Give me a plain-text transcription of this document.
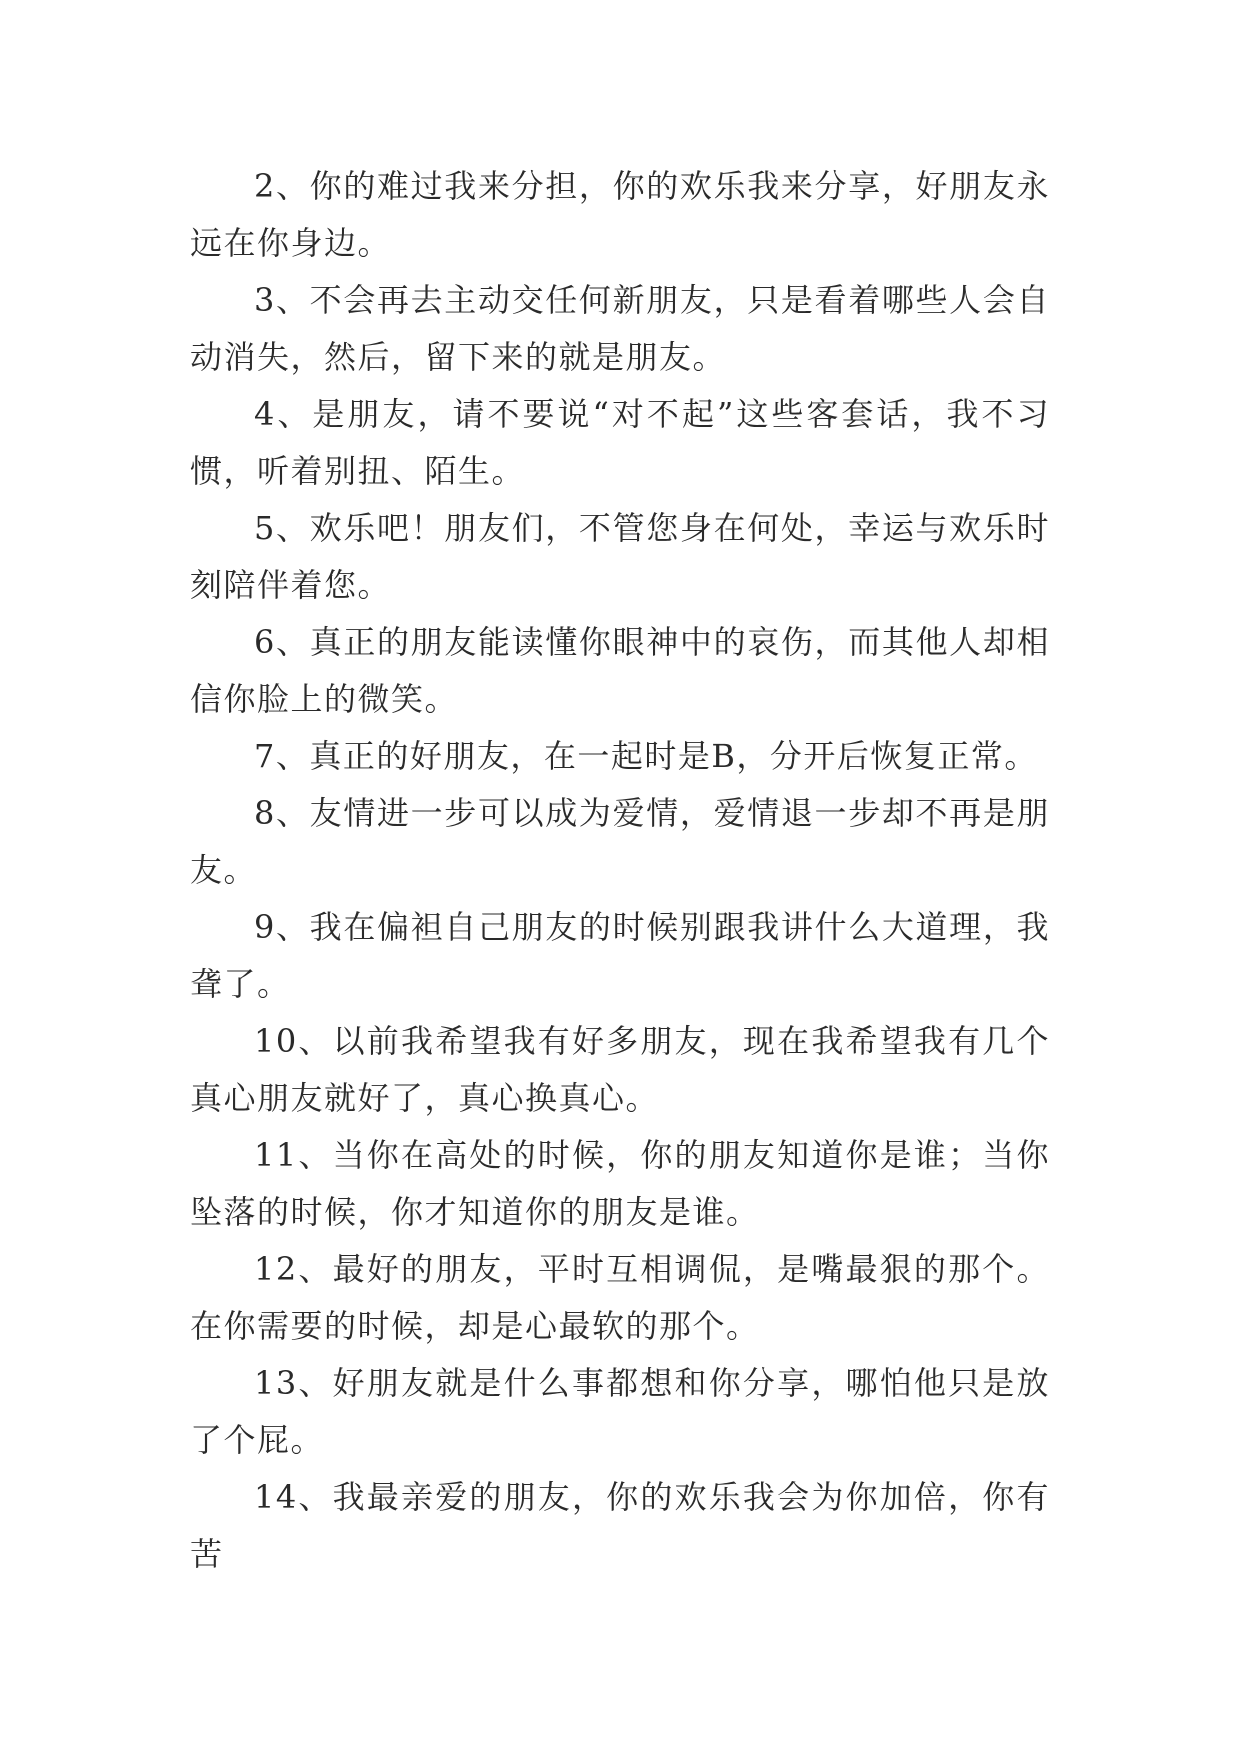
2、你的难过我来分担，你的欢乐我来分享，好朋友永远在你身边。

3、不会再去主动交任何新朋友，只是看着哪些人会自动消失，然后，留下来的就是朋友。

4、是朋友，请不要说“对不起”这些客套话，我不习惯，听着别扭、陌生。

5、欢乐吧！朋友们，不管您身在何处，幸运与欢乐时刻陪伴着您。

6、真正的朋友能读懂你眼神中的哀伤，而其他人却相信你脸上的微笑。

7、真正的好朋友，在一起时是B，分开后恢复正常。

8、友情进一步可以成为爱情，爱情退一步却不再是朋友。

9、我在偏袒自己朋友的时候别跟我讲什么大道理，我聋了。

10、以前我希望我有好多朋友，现在我希望我有几个真心朋友就好了，真心换真心。

11、当你在高处的时候，你的朋友知道你是谁；当你坠落的时候，你才知道你的朋友是谁。

12、最好的朋友，平时互相调侃，是嘴最狠的那个。在你需要的时候，却是心最软的那个。

13、好朋友就是什么事都想和你分享，哪怕他只是放了个屁。

14、我最亲爱的朋友，你的欢乐我会为你加倍，你有苦
